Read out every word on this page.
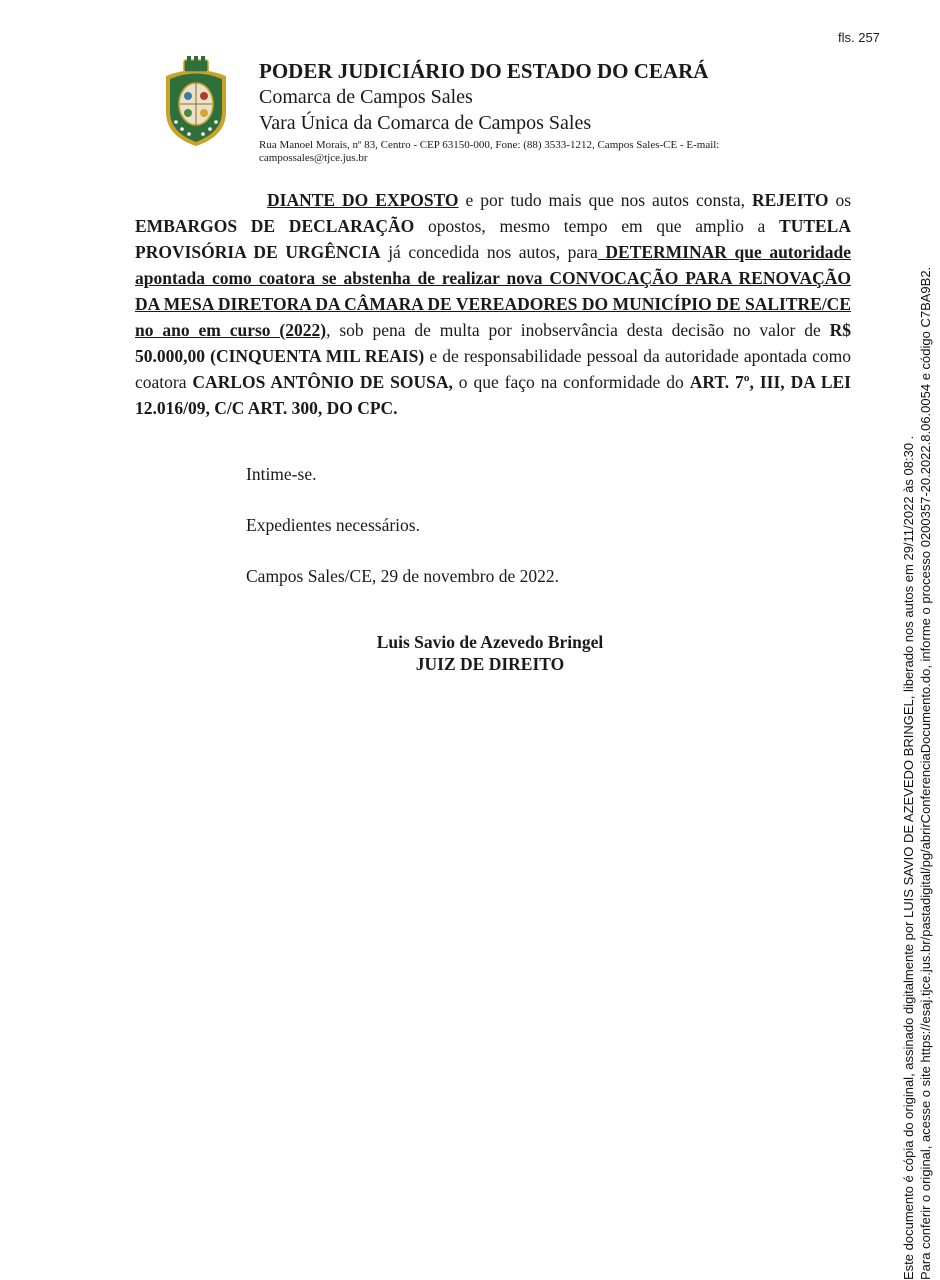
fls. 257
PODER JUDICIÁRIO DO ESTADO DO CEARÁ
Comarca de Campos Sales
Vara Única da Comarca de Campos Sales
Rua Manoel Morais, nº 83, Centro - CEP 63150-000, Fone: (88) 3533-1212, Campos Sales-CE - E-mail: campossales@tjce.jus.br
DIANTE DO EXPOSTO e por tudo mais que nos autos consta, REJEITO os EMBARGOS DE DECLARAÇÃO opostos, mesmo tempo em que amplio a TUTELA PROVISÓRIA DE URGÊNCIA já concedida nos autos, para DETERMINAR que autoridade apontada como coatora se abstenha de realizar nova CONVOCAÇÃO PARA RENOVAÇÃO DA MESA DIRETORA DA CÂMARA DE VEREADORES DO MUNICÍPIO DE SALITRE/CE no ano em curso (2022), sob pena de multa por inobservância desta decisão no valor de R$ 50.000,00 (CINQUENTA MIL REAIS) e de responsabilidade pessoal da autoridade apontada como coatora CARLOS ANTÔNIO DE SOUSA, o que faço na conformidade do ART. 7º, III, DA LEI 12.016/09, C/C ART. 300, DO CPC.
Intime-se.
Expedientes necessários.
Campos Sales/CE, 29 de novembro de 2022.
Luis Savio de Azevedo Bringel
JUIZ DE DIREITO	Este documento é cópia do original, assinado digitalmente por LUIS SAVIO DE AZEVEDO BRINGEL, liberado nos autos em 29/11/2022 às 08:30 . Para conferir o original, acesse o site https://esaj.tjce.jus.br/pastadigital/pg/abrirConferenciaDocumento.do, informe o processo 0200357-20.2022.8.06.0054 e código C7BA9B2.
